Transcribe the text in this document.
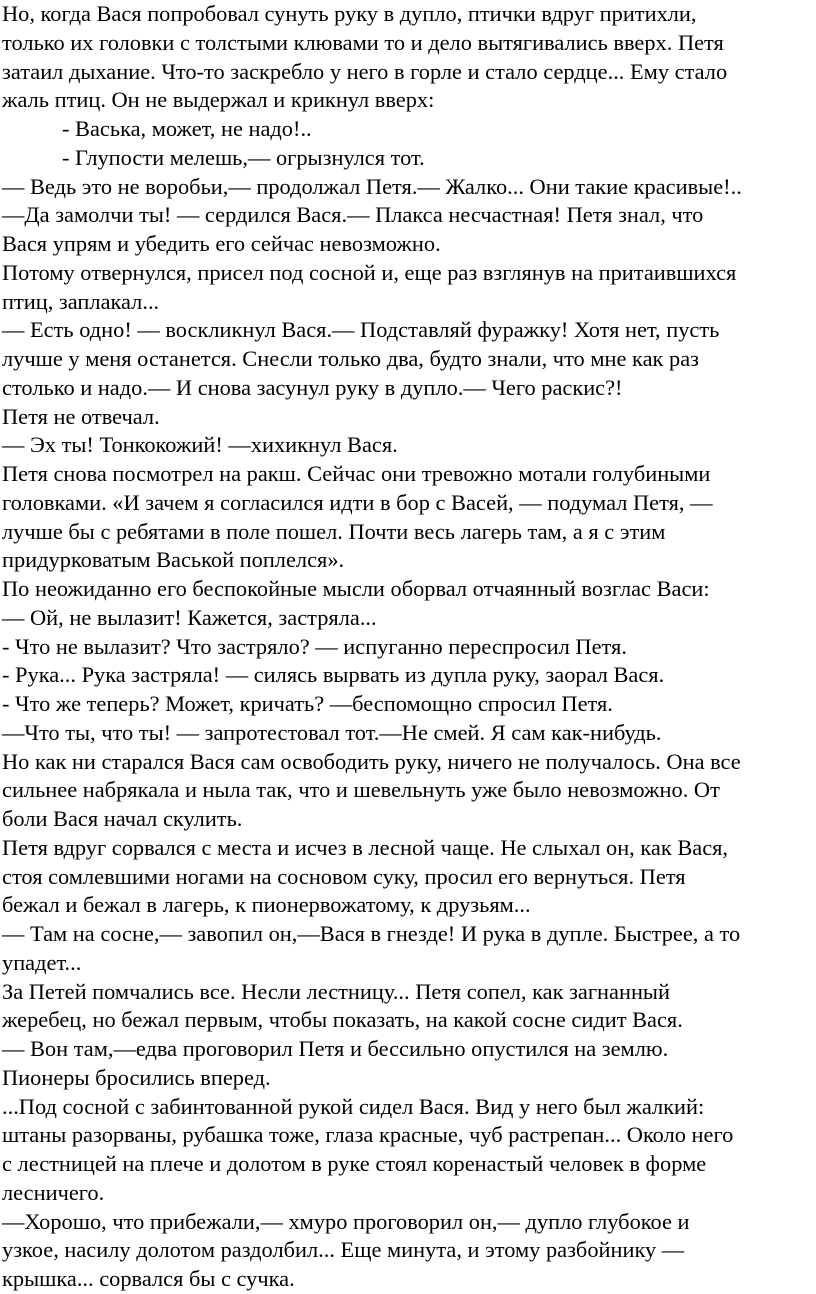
Но, когда Вася попробовал сунуть руку в дупло, птички вдруг притихли,
только их головки с толстыми клювами то и дело вытягивались вверх. Петя
затаил дыхание. Что-то заскребло у него в горле и стало сердце... Ему стало
жаль птиц. Он не выдержал и крикнул вверх:
- Васька, может, не надо!..
- Глупости мелешь,— огрызнулся тот.
— Ведь это не воробьи,— продолжал Петя.— Жалко... Они такие красивые!..
—Да замолчи ты! — сердился Вася.— Плакса несчастная! Петя знал, что
Вася упрям и убедить его сейчас невозможно.
Потому отвернулся, присел под сосной и, еще раз взглянув на притаившихся
птиц, заплакал...
— Есть одно! — воскликнул Вася.— Подставляй фуражку! Хотя нет, пусть
лучше у меня останется. Снесли только два, будто знали, что мне как раз
столько и надо.— И снова засунул руку в дупло.— Чего раскис?!
Петя не отвечал.
— Эх ты! Тонкокожий! —хихикнул Вася.
Петя снова посмотрел на ракш. Сейчас они тревожно мотали голубиными
головками. «И зачем я согласился идти в бор с Васей, — подумал Петя, —
лучше бы с ребятами в поле пошел. Почти весь лагерь там, а я с этим
придурковатым Васькой поплелся».
По неожиданно его беспокойные мысли оборвал отчаянный возглас Васи:
— Ой, не вылазит! Кажется, застряла...
- Что не вылазит? Что застряло? — испуганно переспросил Петя.
- Рука... Рука застряла! — силясь вырвать из дупла руку, заорал Вася.
- Что же теперь? Может, кричать? —беспомощно спросил Петя.
—Что ты, что ты! — запротестовал тот.—Не смей. Я сам как-нибудь.
Но как ни старался Вася сам освободить руку, ничего не получалось. Она все
сильнее набрякала и ныла так, что и шевельнуть уже было невозможно. От
боли Вася начал скулить.
Петя вдруг сорвался с места и исчез в лесной чаще. Не слыхал он, как Вася,
стоя сомлевшими ногами на сосновом суку, просил его вернуться. Петя
бежал и бежал в лагерь, к пионервожатому, к друзьям...
— Там на сосне,— завопил он,—Вася в гнезде! И рука в дупле. Быстрее, а то
упадет...
За Петей помчались все. Несли лестницу... Петя сопел, как загнанный
жеребец, но бежал первым, чтобы показать, на какой сосне сидит Вася.
— Вон там,—едва проговорил Петя и бессильно опустился на землю.
Пионеры бросились вперед.
...Под сосной с забинтованной рукой сидел Вася. Вид у него был жалкий:
штаны разорваны, рубашка тоже, глаза красные, чуб растрепан... Около него
с лестницей на плече и долотом в руке стоял коренастый человек в форме
лесничего.
—Хорошо, что прибежали,— хмуро проговорил он,— дупло глубокое и
узкое, насилу долотом раздолбил... Еще минута, и этому разбойнику —
крышка... сорвался бы с сучка.
